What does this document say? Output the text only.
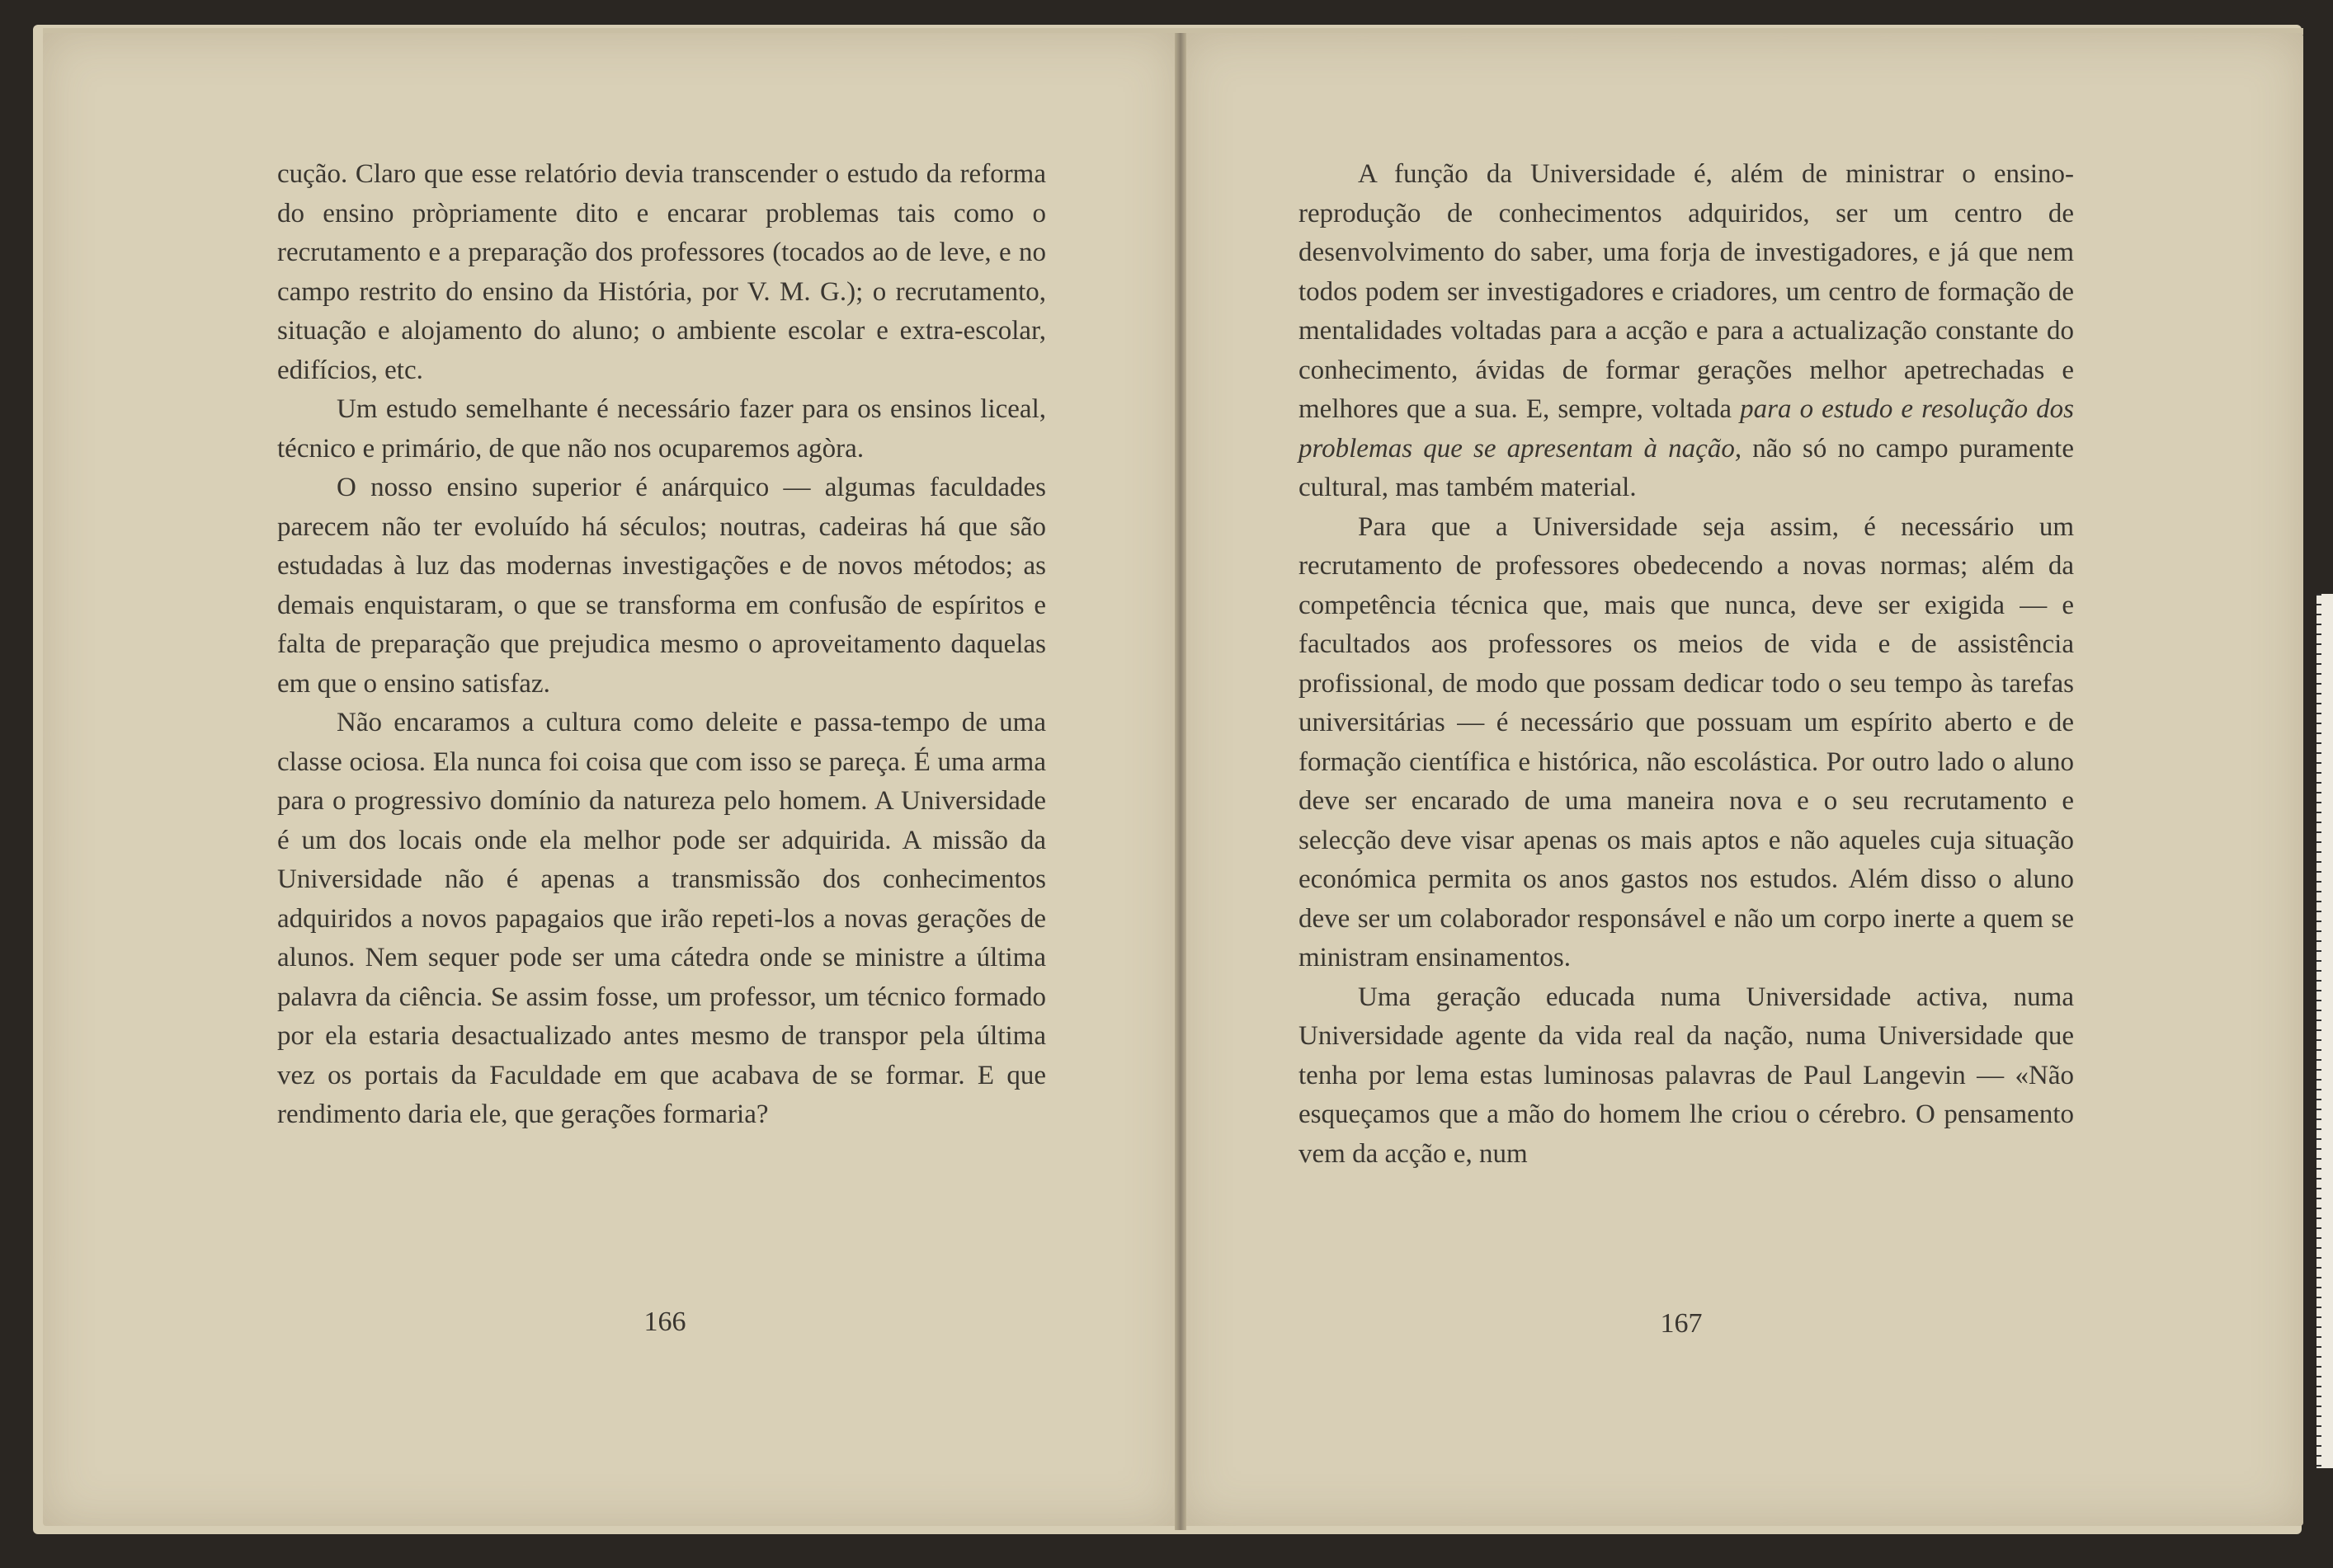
cução. Claro que esse relatório devia transcender o estudo da reforma do ensino pròpriamente dito e encarar problemas tais como o recrutamento e a preparação dos professores (tocados ao de leve, e no campo restrito do ensino da História, por V. M. G.); o recrutamento, situação e alojamento do aluno; o ambiente escolar e extra-escolar, edifícios, etc.

Um estudo semelhante é necessário fazer para os ensinos liceal, técnico e primário, de que não nos ocuparemos agòra.

O nosso ensino superior é anárquico — algumas faculdades parecem não ter evoluído há séculos; noutras, cadeiras há que são estudadas à luz das modernas investigações e de novos métodos; as demais enquistaram, o que se transforma em confusão de espíritos e falta de preparação que prejudica mesmo o aproveitamento daquelas em que o ensino satisfaz.

Não encaramos a cultura como deleite e passa-tempo de uma classe ociosa. Ela nunca foi coisa que com isso se pareça. É uma arma para o progressivo domínio da natureza pelo homem. A Universidade é um dos locais onde ela melhor pode ser adquirida. A missão da Universidade não é apenas a transmissão dos conhecimentos adquiridos a novos papagaios que irão repeti-los a novas gerações de alunos. Nem sequer pode ser uma cátedra onde se ministre a última palavra da ciência. Se assim fosse, um professor, um técnico formado por ela estaria desactualizado antes mesmo de transpor pela última vez os portais da Faculdade em que acabava de se formar. E que rendimento daria ele, que gerações formaria?

166

A função da Universidade é, além de ministrar o ensino-reprodução de conhecimentos adquiridos, ser um centro de desenvolvimento do saber, uma forja de investigadores, e já que nem todos podem ser investigadores e criadores, um centro de formação de mentalidades voltadas para a acção e para a actualização constante do conhecimento, ávidas de formar gerações melhor apetrechadas e melhores que a sua. E, sempre, voltada para o estudo e resolução dos problemas que se apresentam à nação, não só no campo puramente cultural, mas também material.

Para que a Universidade seja assim, é necessário um recrutamento de professores obedecendo a novas normas; além da competência técnica que, mais que nunca, deve ser exigida — e facultados aos professores os meios de vida e de assistência profissional, de modo que possam dedicar todo o seu tempo às tarefas universitárias — é necessário que possuam um espírito aberto e de formação científica e histórica, não escolástica. Por outro lado o aluno deve ser encarado de uma maneira nova e o seu recrutamento e selecção deve visar apenas os mais aptos e não aqueles cuja situação económica permita os anos gastos nos estudos. Além disso o aluno deve ser um colaborador responsável e não um corpo inerte a quem se ministram ensinamentos.

Uma geração educada numa Universidade activa, numa Universidade agente da vida real da nação, numa Universidade que tenha por lema estas luminosas palavras de Paul Langevin — «Não esqueçamos que a mão do homem lhe criou o cérebro. O pensamento vem da acção e, num

167
